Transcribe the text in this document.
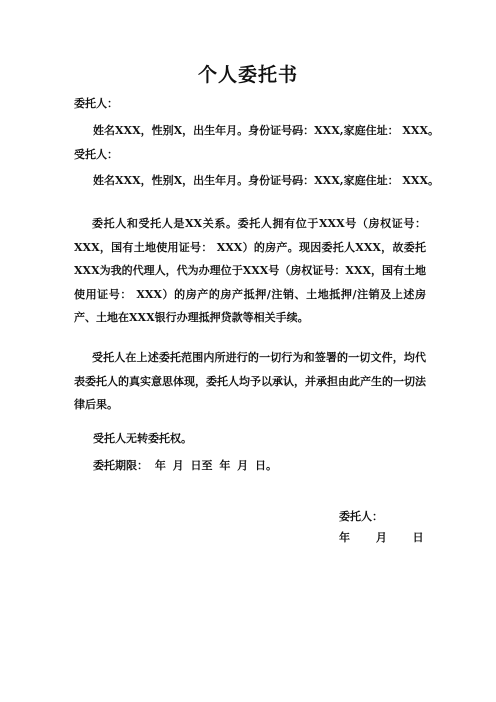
个人委托书
委托人：
姓名XXX，性别X，出生年月。身份证号码：XXX,家庭住址： XXX。
受托人：
姓名XXX，性别X，出生年月。身份证号码：XXX,家庭住址： XXX。
委托人和受托人是XX关系。委托人拥有位于XXX号（房权证号：XXX，国有土地使用证号： XXX）的房产。现因委托人XXX，故委托XXX为我的代理人，代为办理位于XXX号（房权证号：XXX，国有土地使用证号： XXX）的房产的房产抵押/注销、土地抵押/注销及上述房产、土地在XXX银行办理抵押贷款等相关手续。
受托人在上述委托范围内所进行的一切行为和签署的一切文件，均代表委托人的真实意思体现，委托人均予以承认，并承担由此产生的一切法律后果。
受托人无转委托权。
委托期限： 年 月 日至 年 月 日。
委托人：
年 月 日
